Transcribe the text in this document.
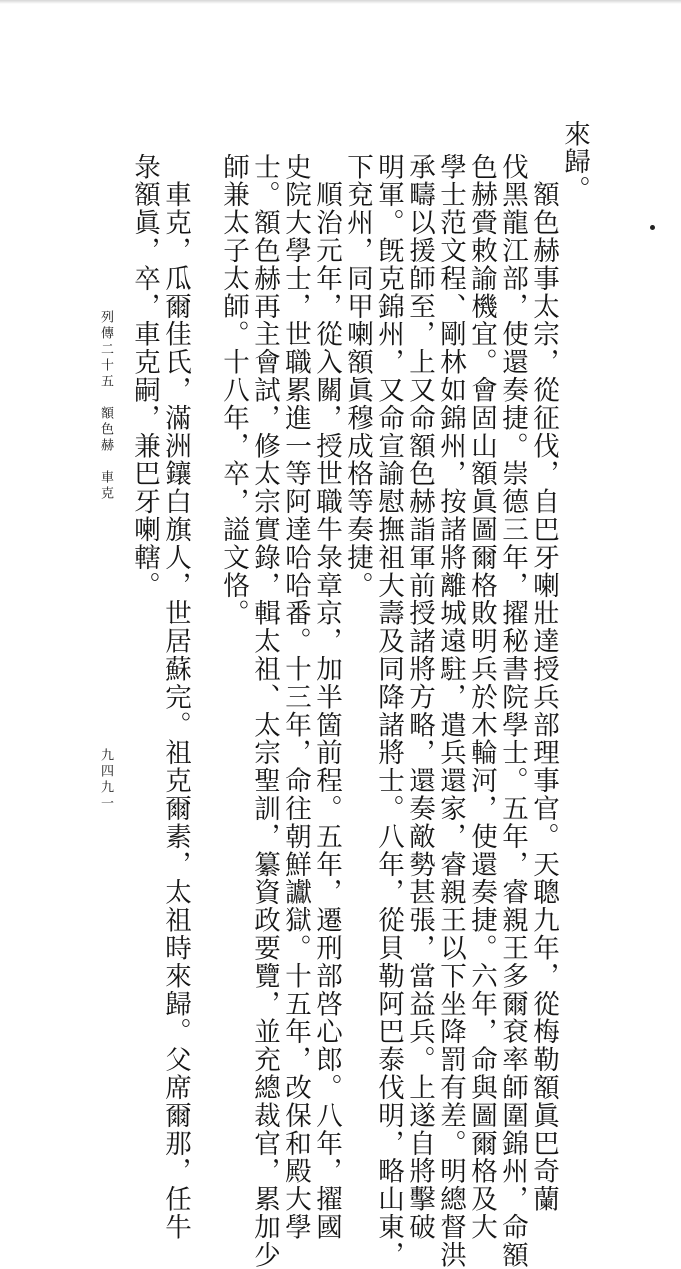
來歸。
　額色赫事太宗，從征伐，自巴牙喇壯達授兵部理事官。天聰九年，從梅勒額眞巴奇蘭
伐黑龍江部，使還奏捷。崇德三年，擢秘書院學士。五年，睿親王多爾袞率師圍錦州，命額
色赫賫敕諭機宜。會固山額眞圖爾格敗明兵於木輪河，使還奏捷。六年，命與圖爾格及大
學士范文程、剛林如錦州，按諸將離城遠駐，遣兵還家，睿親王以下坐降罰有差。明總督洪
承疇以援師至，上又命額色赫詣軍前授諸將方略，還奏敵勢甚張，當益兵。上遂自將擊破
明軍。旣克錦州，又命宣諭慰撫祖大壽及同降諸將士。八年，從貝勒阿巴泰伐明，略山東，
下兗州，同甲喇額眞穆成格等奏捷。
　順治元年，從入關，授世職牛彔章京，加半箇前程。五年，遷刑部啓心郎。八年，擢國
史院大學士，世職累進一等阿達哈哈番。十三年，命往朝鮮讞獄。十五年，改保和殿大學
士。額色赫再主會試，修太宗實錄，輯太祖、太宗聖訓，纂資政要覽，並充總裁官，累加少
師兼太子太師。十八年，卒，謚文恪。
　車克，瓜爾佳氏，滿洲鑲白旗人，世居蘇完。祖克爾素，太祖時來歸。父席爾那，任牛
彔額眞，卒，車克嗣，兼巴牙喇轄。
列傳二十五　額色赫　車克
九四九一
